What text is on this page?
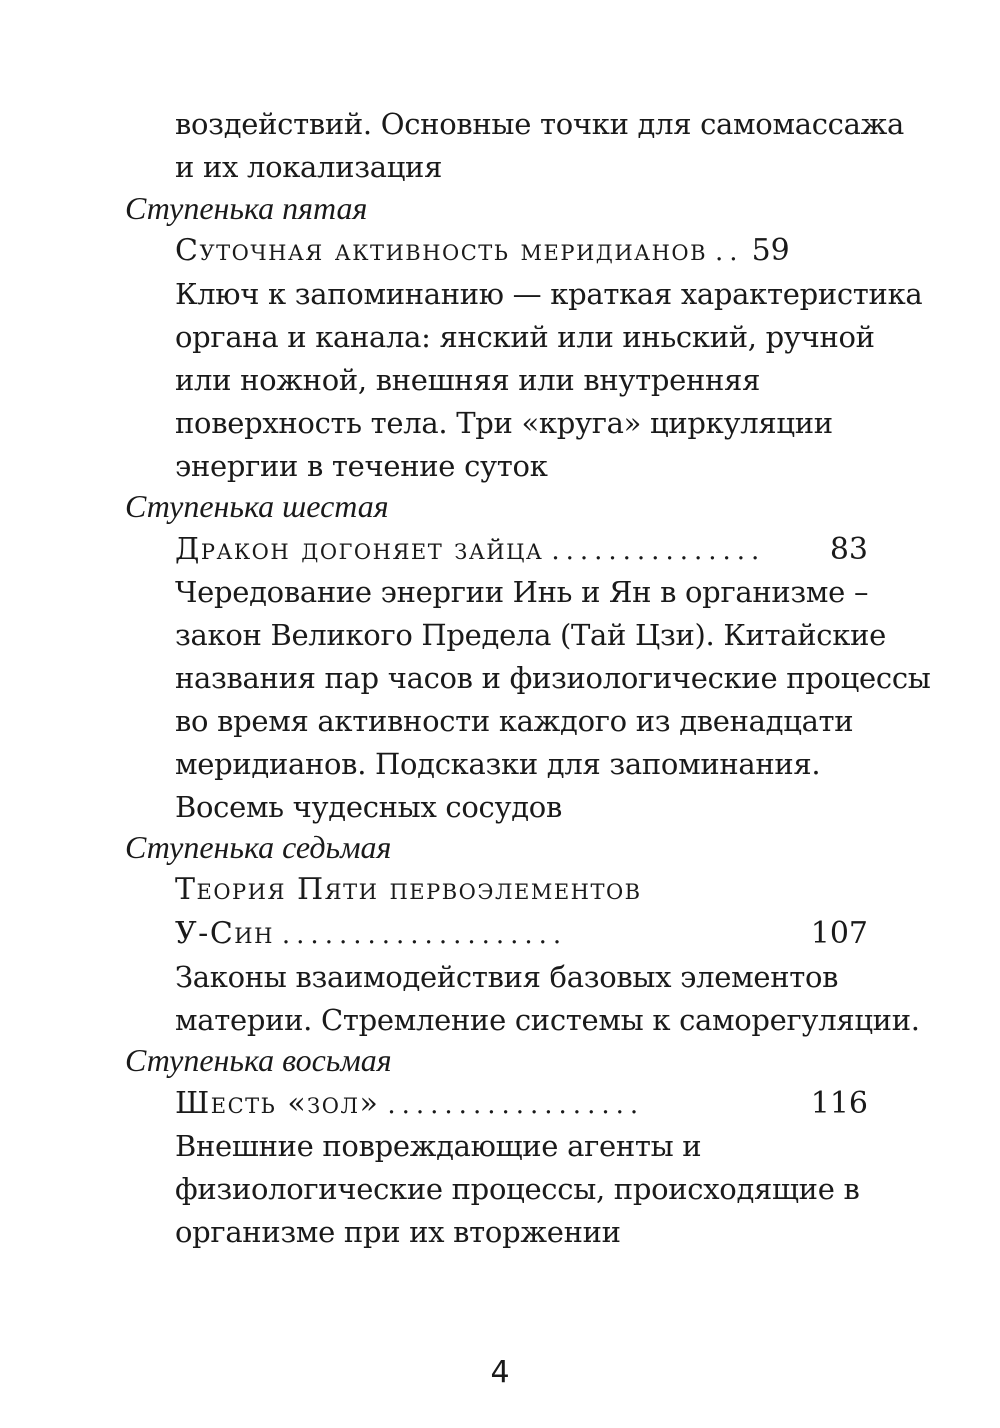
воздействий. Основные точки для самомассажа
и их локализация
Ступенька пятая
Суточная активность меридианов .. 59
Ключ к запоминанию — краткая характеристика
органа и канала: янский или иньский, ручной
или ножной, внешняя или внутренняя
поверхность тела. Три «круга» циркуляции
энергии в течение суток
Ступенька шестая
Дракон догоняет зайца ...............	83
Чередование энергии Инь и Ян в организме –
закон Великого Предела (Тай Цзи). Китайские
названия пар часов и физиологические процессы
во время активности каждого из двенадцати
меридианов. Подсказки для запоминания.
Восемь чудесных сосудов
Ступенька седьмая
Теория Пяти первоэлементов
У-Син ....................	107
Законы взаимодействия базовых элементов
материи. Стремление системы к саморегуляции.
Ступенька восьмая
Шесть «зол» ..................	116
Внешние повреждающие агенты и
физиологические процессы, происходящие в
организме при их вторжении
4
